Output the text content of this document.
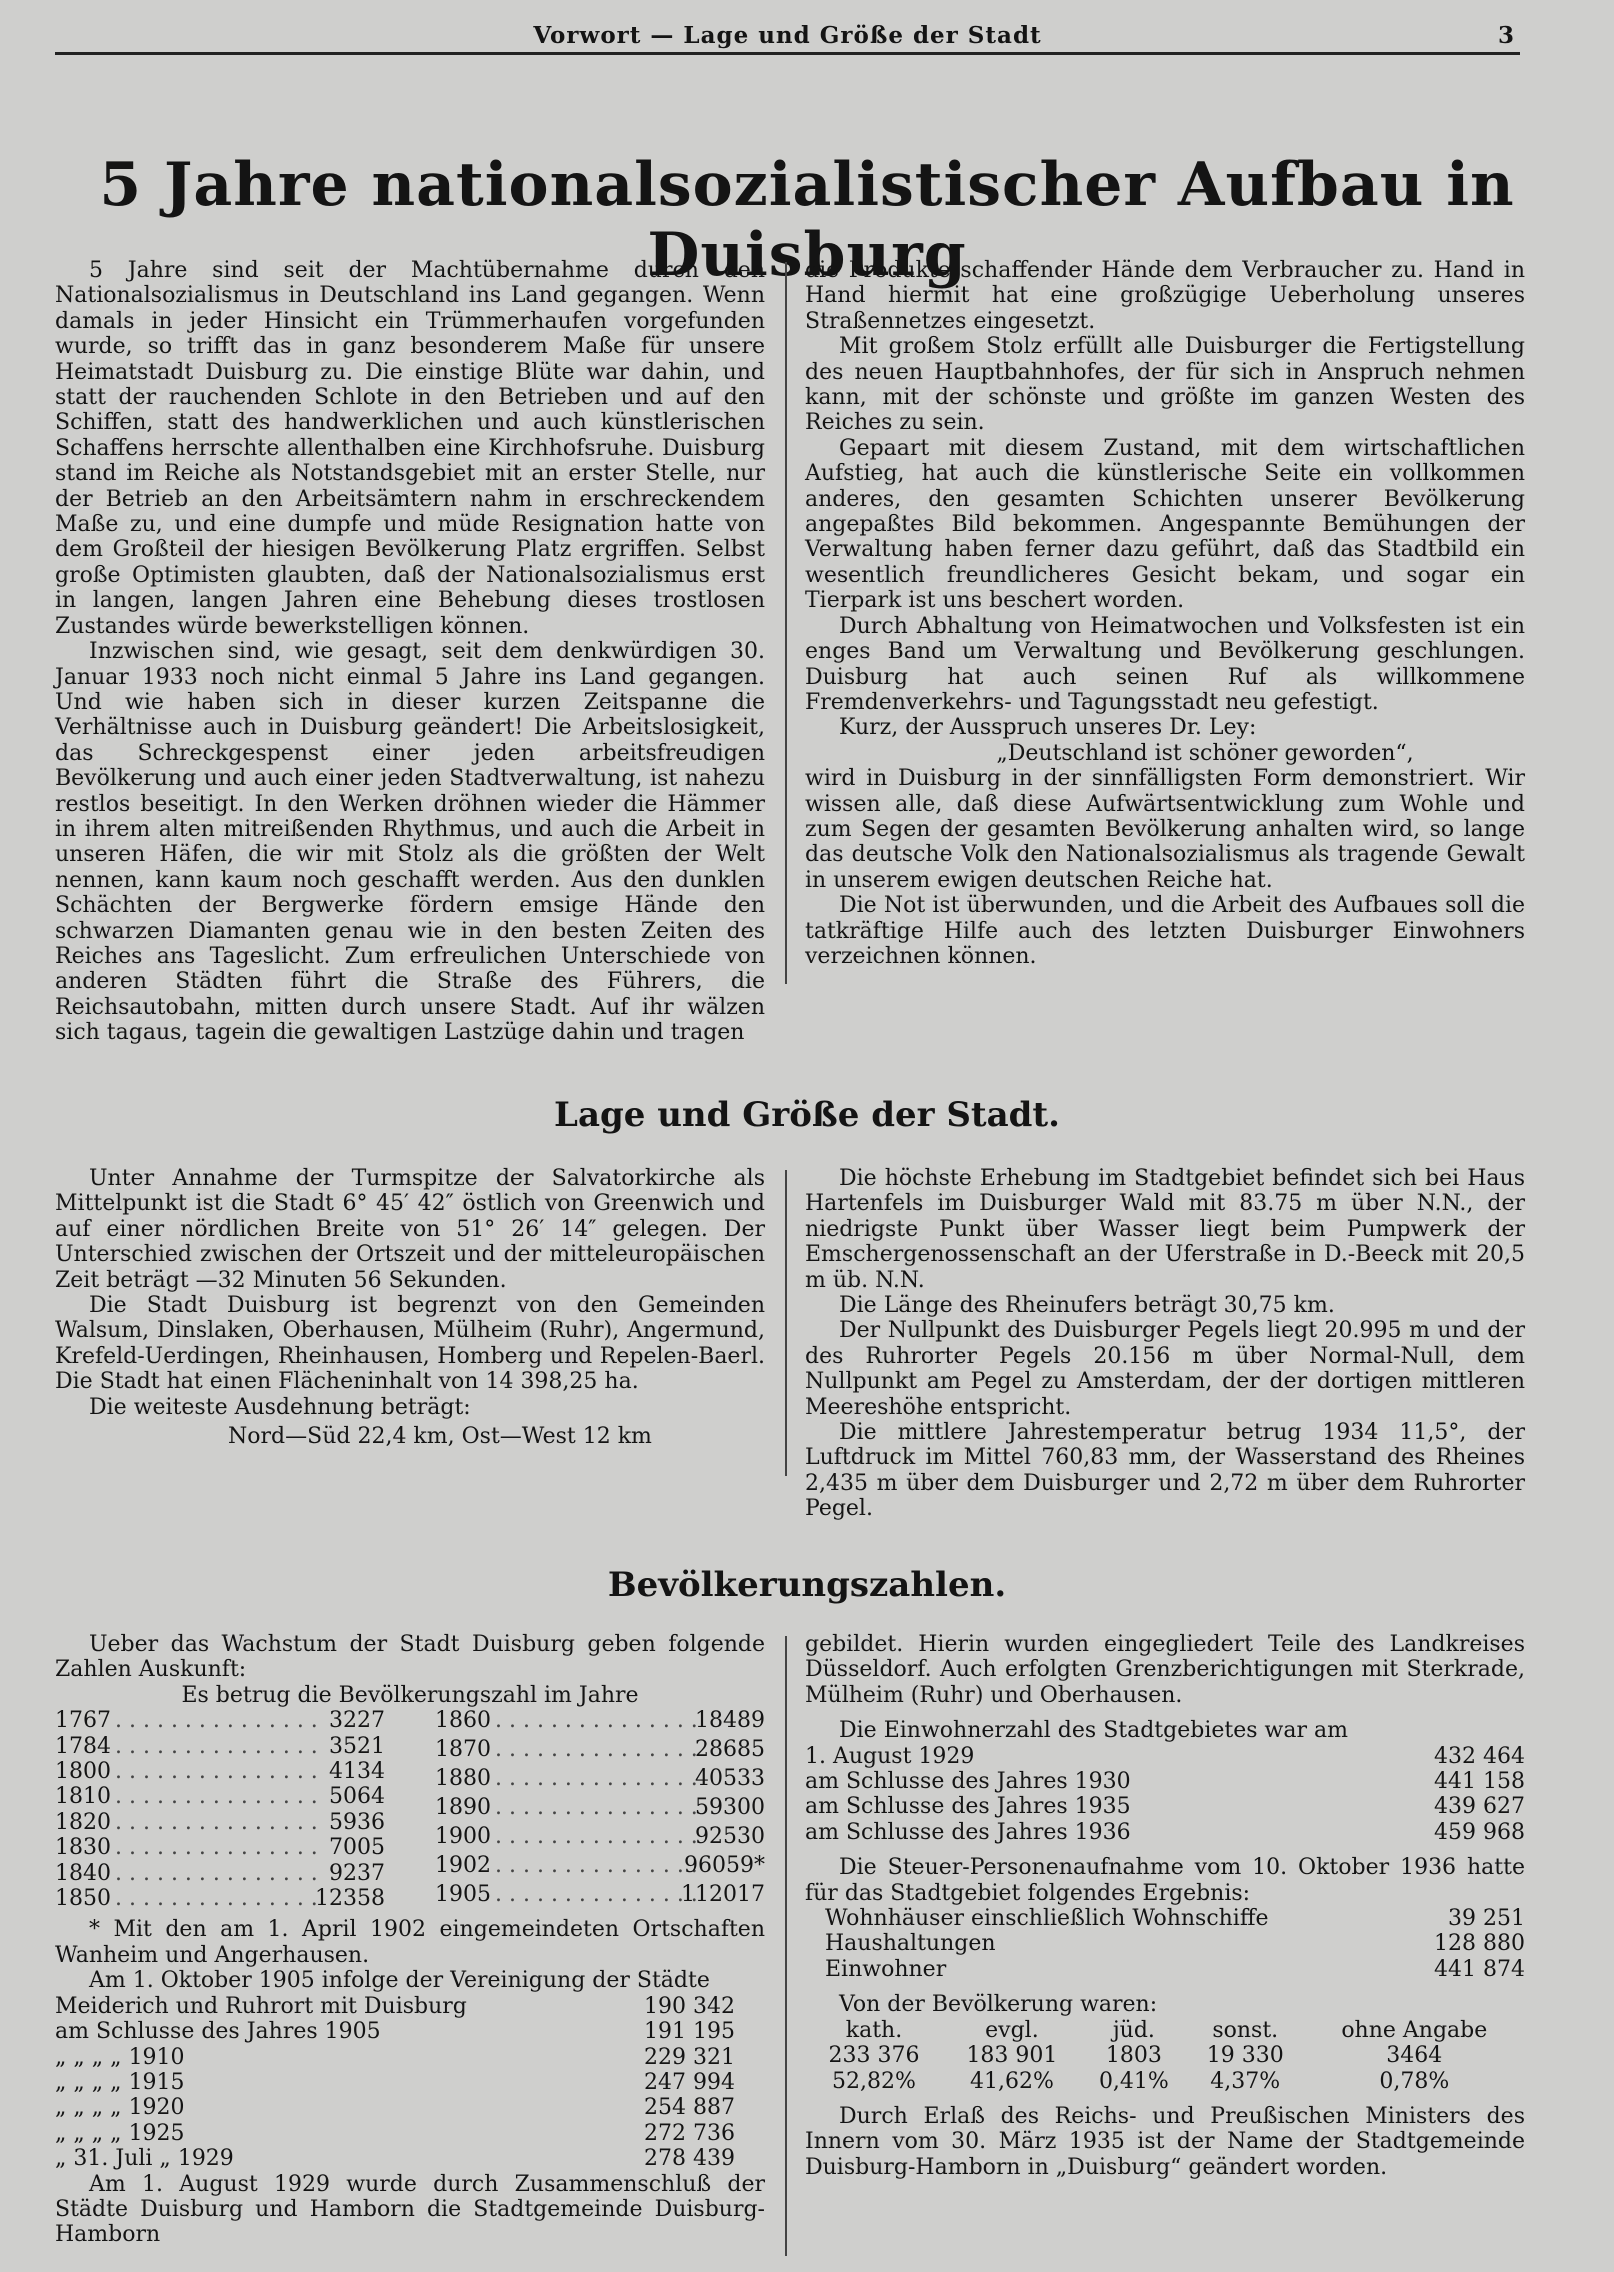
Vorwort — Lage und Größe der Stadt	3
5 Jahre nationalsozialistischer Aufbau in Duisburg

5 Jahre sind seit der Machtübernahme durch den Nationalsozialismus in Deutschland ins Land gegangen. Wenn damals in jeder Hinsicht ein Trümmerhaufen vorgefunden wurde, so trifft das in ganz besonderem Maße für unsere Heimatstadt Duisburg zu. Die einstige Blüte war dahin, und statt der rauchenden Schlote in den Betrieben und auf den Schiffen, statt des handwerklichen und auch künstlerischen Schaffens herrschte allenthalben eine Kirchhofsruhe. Duisburg stand im Reiche als Notstandsgebiet mit an erster Stelle, nur der Betrieb an den Arbeitsämtern nahm in erschreckendem Maße zu, und eine dumpfe und müde Resignation hatte von dem Großteil der hiesigen Bevölkerung Platz ergriffen. Selbst große Optimisten glaubten, daß der Nationalsozialismus erst in langen, langen Jahren eine Behebung dieses trostlosen Zustandes würde bewerkstelligen können.

Inzwischen sind, wie gesagt, seit dem denkwürdigen 30. Januar 1933 noch nicht einmal 5 Jahre ins Land gegangen. Und wie haben sich in dieser kurzen Zeitspanne die Verhältnisse auch in Duisburg geändert! Die Arbeitslosigkeit, das Schreckgespenst einer jeden arbeitsfreudigen Bevölkerung und auch einer jeden Stadtverwaltung, ist nahezu restlos beseitigt. In den Werken dröhnen wieder die Hämmer in ihrem alten mitreißenden Rhythmus, und auch die Arbeit in unseren Häfen, die wir mit Stolz als die größten der Welt nennen, kann kaum noch geschafft werden. Aus den dunklen Schächten der Bergwerke fördern emsige Hände den schwarzen Diamanten genau wie in den besten Zeiten des Reiches ans Tageslicht. Zum erfreulichen Unterschiede von anderen Städten führt die Straße des Führers, die Reichsautobahn, mitten durch unsere Stadt. Auf ihr wälzen sich tagaus, tagein die gewaltigen Lastzüge dahin und tragen

die Produkte schaffender Hände dem Verbraucher zu. Hand in Hand hiermit hat eine großzügige Ueberholung unseres Straßennetzes eingesetzt.

Mit großem Stolz erfüllt alle Duisburger die Fertigstellung des neuen Hauptbahnhofes, der für sich in Anspruch nehmen kann, mit der schönste und größte im ganzen Westen des Reiches zu sein.

Gepaart mit diesem Zustand, mit dem wirtschaftlichen Aufstieg, hat auch die künstlerische Seite ein vollkommen anderes, den gesamten Schichten unserer Bevölkerung angepaßtes Bild bekommen. Angespannte Bemühungen der Verwaltung haben ferner dazu geführt, daß das Stadtbild ein wesentlich freundlicheres Gesicht bekam, und sogar ein Tierpark ist uns beschert worden.

Durch Abhaltung von Heimatwochen und Volksfesten ist ein enges Band um Verwaltung und Bevölkerung geschlungen. Duisburg hat auch seinen Ruf als willkommene Fremdenverkehrs- und Tagungsstadt neu gefestigt.

Kurz, der Ausspruch unseres Dr. Ley:

„Deutschland ist schöner geworden“,

wird in Duisburg in der sinnfälligsten Form demonstriert. Wir wissen alle, daß diese Aufwärtsentwicklung zum Wohle und zum Segen der gesamten Bevölkerung anhalten wird, so lange das deutsche Volk den Nationalsozialismus als tragende Gewalt in unserem ewigen deutschen Reiche hat.

Die Not ist überwunden, und die Arbeit des Aufbaues soll die tatkräftige Hilfe auch des letzten Duisburger Einwohners verzeichnen können.

Lage und Größe der Stadt.

Unter Annahme der Turmspitze der Salvatorkirche als Mittelpunkt ist die Stadt 6° 45′ 42″ östlich von Greenwich und auf einer nördlichen Breite von 51° 26′ 14″ gelegen. Der Unterschied zwischen der Ortszeit und der mitteleuropäischen Zeit beträgt —32 Minuten 56 Sekunden.

Die Stadt Duisburg ist begrenzt von den Gemeinden Walsum, Dinslaken, Oberhausen, Mülheim (Ruhr), Angermund, Krefeld-Uerdingen, Rheinhausen, Homberg und Repelen-Baerl. Die Stadt hat einen Flächeninhalt von 14 398,25 ha.

Die weiteste Ausdehnung beträgt:

Nord—Süd 22,4 km, Ost—West 12 km

Die höchste Erhebung im Stadtgebiet befindet sich bei Haus Hartenfels im Duisburger Wald mit 83.75 m über N.N., der niedrigste Punkt über Wasser liegt beim Pumpwerk der Emschergenossenschaft an der Uferstraße in D.-Beeck mit 20,5 m üb. N.N.

Die Länge des Rheinufers beträgt 30,75 km.

Der Nullpunkt des Duisburger Pegels liegt 20.995 m und der des Ruhrorter Pegels 20.156 m über Normal-Null, dem Nullpunkt am Pegel zu Amsterdam, der der dortigen mittleren Meereshöhe entspricht.

Die mittlere Jahrestemperatur betrug 1934 11,5°, der Luftdruck im Mittel 760,83 mm, der Wasserstand des Rheines 2,435 m über dem Duisburger und 2,72 m über dem Ruhrorter Pegel.

Bevölkerungszahlen.

Ueber das Wachstum der Stadt Duisburg geben folgende Zahlen Auskunft:

Es betrug die Bevölkerungszahl im Jahre

1767	. . . . . . . . . . . . . . .	3227
1784	. . . . . . . . . . . . . . .	3521
1800	. . . . . . . . . . . . . . .	4134
1810	. . . . . . . . . . . . . . .	5064
1820	. . . . . . . . . . . . . . .	5936
1830	. . . . . . . . . . . . . . .	7005
1840	. . . . . . . . . . . . . . .	9237
1850	. . . . . . . . . . . . . . .	12358
1860	. . . . . . . . . . . . . . .	18489
1870	. . . . . . . . . . . . . . .	28685
1880	. . . . . . . . . . . . . . .	40533
1890	. . . . . . . . . . . . . . .	59300
1900	. . . . . . . . . . . . . . .	92530
1902	. . . . . . . . . . . . . . .	96059*
1905	. . . . . . . . . . . . . . .	112017

* Mit den am 1. April 1902 eingemeindeten Ortschaften Wanheim und Angerhausen.

Am 1. Oktober 1905 infolge der Vereinigung der Städte

Meiderich und Ruhrort mit Duisburg		190 342
am Schlusse des Jahres 1905		191 195
„ „ „ „ 1910		229 321
„ „ „ „ 1915		247 994
„ „ „ „ 1920		254 887
„ „ „ „ 1925		272 736
„ 31. Juli „ 1929		278 439

Am 1. August 1929 wurde durch Zusammenschluß der Städte Duisburg und Hamborn die Stadtgemeinde Duisburg-Hamborn

gebildet. Hierin wurden eingegliedert Teile des Landkreises Düsseldorf. Auch erfolgten Grenzberichtigungen mit Sterkrade, Mülheim (Ruhr) und Oberhausen.

Die Einwohnerzahl des Stadtgebietes war am

1. August 1929		432 464
am Schlusse des Jahres 1930		441 158
am Schlusse des Jahres 1935		439 627
am Schlusse des Jahres 1936		459 968

Die Steuer-Personenaufnahme vom 10. Oktober 1936 hatte für das Stadtgebiet folgendes Ergebnis:

Wohnhäuser einschließlich Wohnschiffe		39 251
Haushaltungen		128 880
Einwohner		441 874

Von der Bevölkerung waren:

kath.	evgl.	jüd.	sonst.	ohne Angabe
233 376	183 901	1803	19 330	3464
52,82%	41,62%	0,41%	4,37%	0,78%

Durch Erlaß des Reichs- und Preußischen Ministers des Innern vom 30. März 1935 ist der Name der Stadtgemeinde Duisburg-Hamborn in „Duisburg“ geändert worden.
